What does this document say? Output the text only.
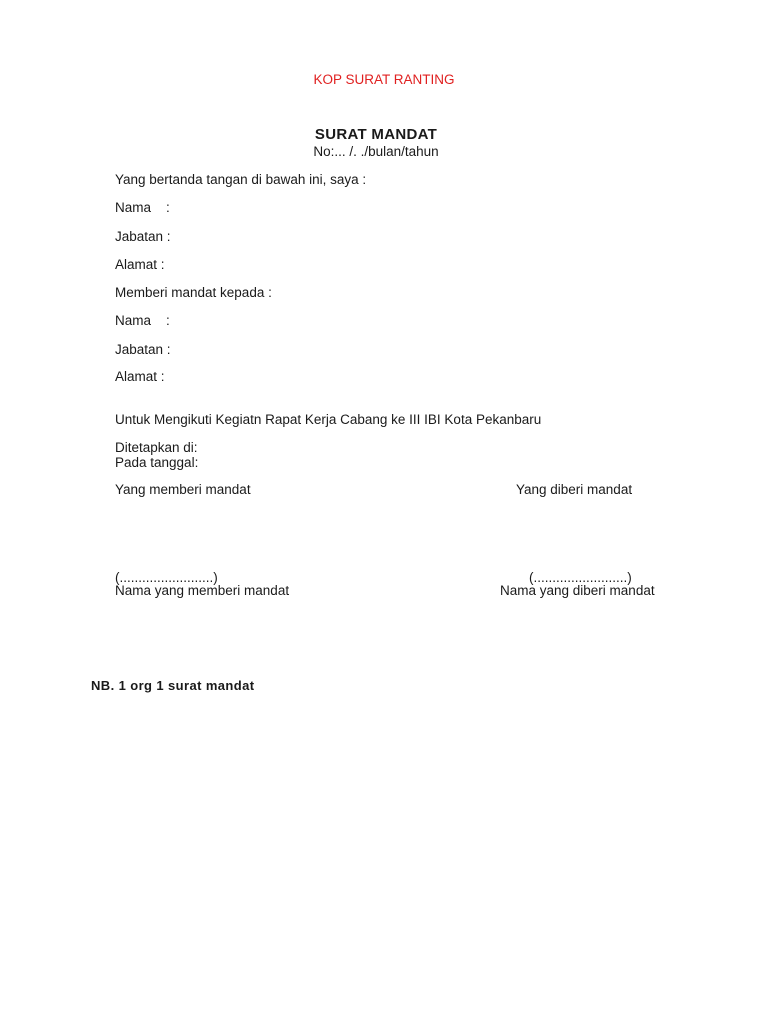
KOP SURAT RANTING
SURAT MANDAT
No:... /. ./bulan/tahun
Yang bertanda tangan di bawah ini, saya :
Nama    :
Jabatan :
Alamat :
Memberi mandat kepada :
Nama    :
Jabatan :
Alamat :
Untuk Mengikuti Kegiatn Rapat Kerja Cabang ke III IBI Kota Pekanbaru
Ditetapkan di:
Pada tanggal:
Yang memberi mandat	Yang diberi mandat
(.........................)	(.........................)
Nama yang memberi mandat	Nama yang diberi mandat
NB. 1 org 1 surat mandat
